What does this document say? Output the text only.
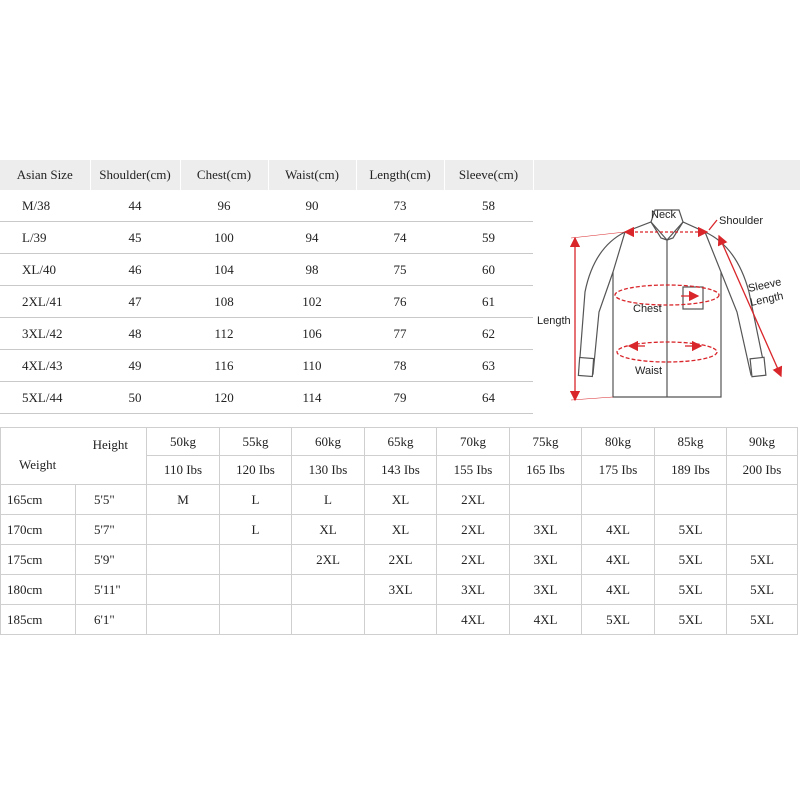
Asian Size	Shoulder(cm)	Chest(cm)	Waist(cm)	Length(cm)	Sleeve(cm)
M/38	44	96	90	73	58
L/39	45	100	94	74	59
XL/40	46	104	98	75	60
2XL/41	47	108	102	76	61
3XL/42	48	112	106	77	62
4XL/43	49	116	110	78	63
5XL/44	50	120	114	79	64
Neck	Shoulder
Sleeve
Length
Length
Chest
Waist
Height
Weight		50kg	55kg	60kg	65kg	70kg	75kg	80kg	85kg	90kg
		110 Ibs	120 Ibs	130 Ibs	143 Ibs	155 Ibs	165 Ibs	175 Ibs	189 Ibs	200 Ibs
165cm	5'5"	M	L	L	XL	2XL				
170cm	5'7"		L	XL	XL	2XL	3XL	4XL	5XL	
175cm	5'9"			2XL	2XL	2XL	3XL	4XL	5XL	5XL
180cm	5'11"				3XL	3XL	3XL	4XL	5XL	5XL
185cm	6'1"					4XL	4XL	5XL	5XL	5XL
